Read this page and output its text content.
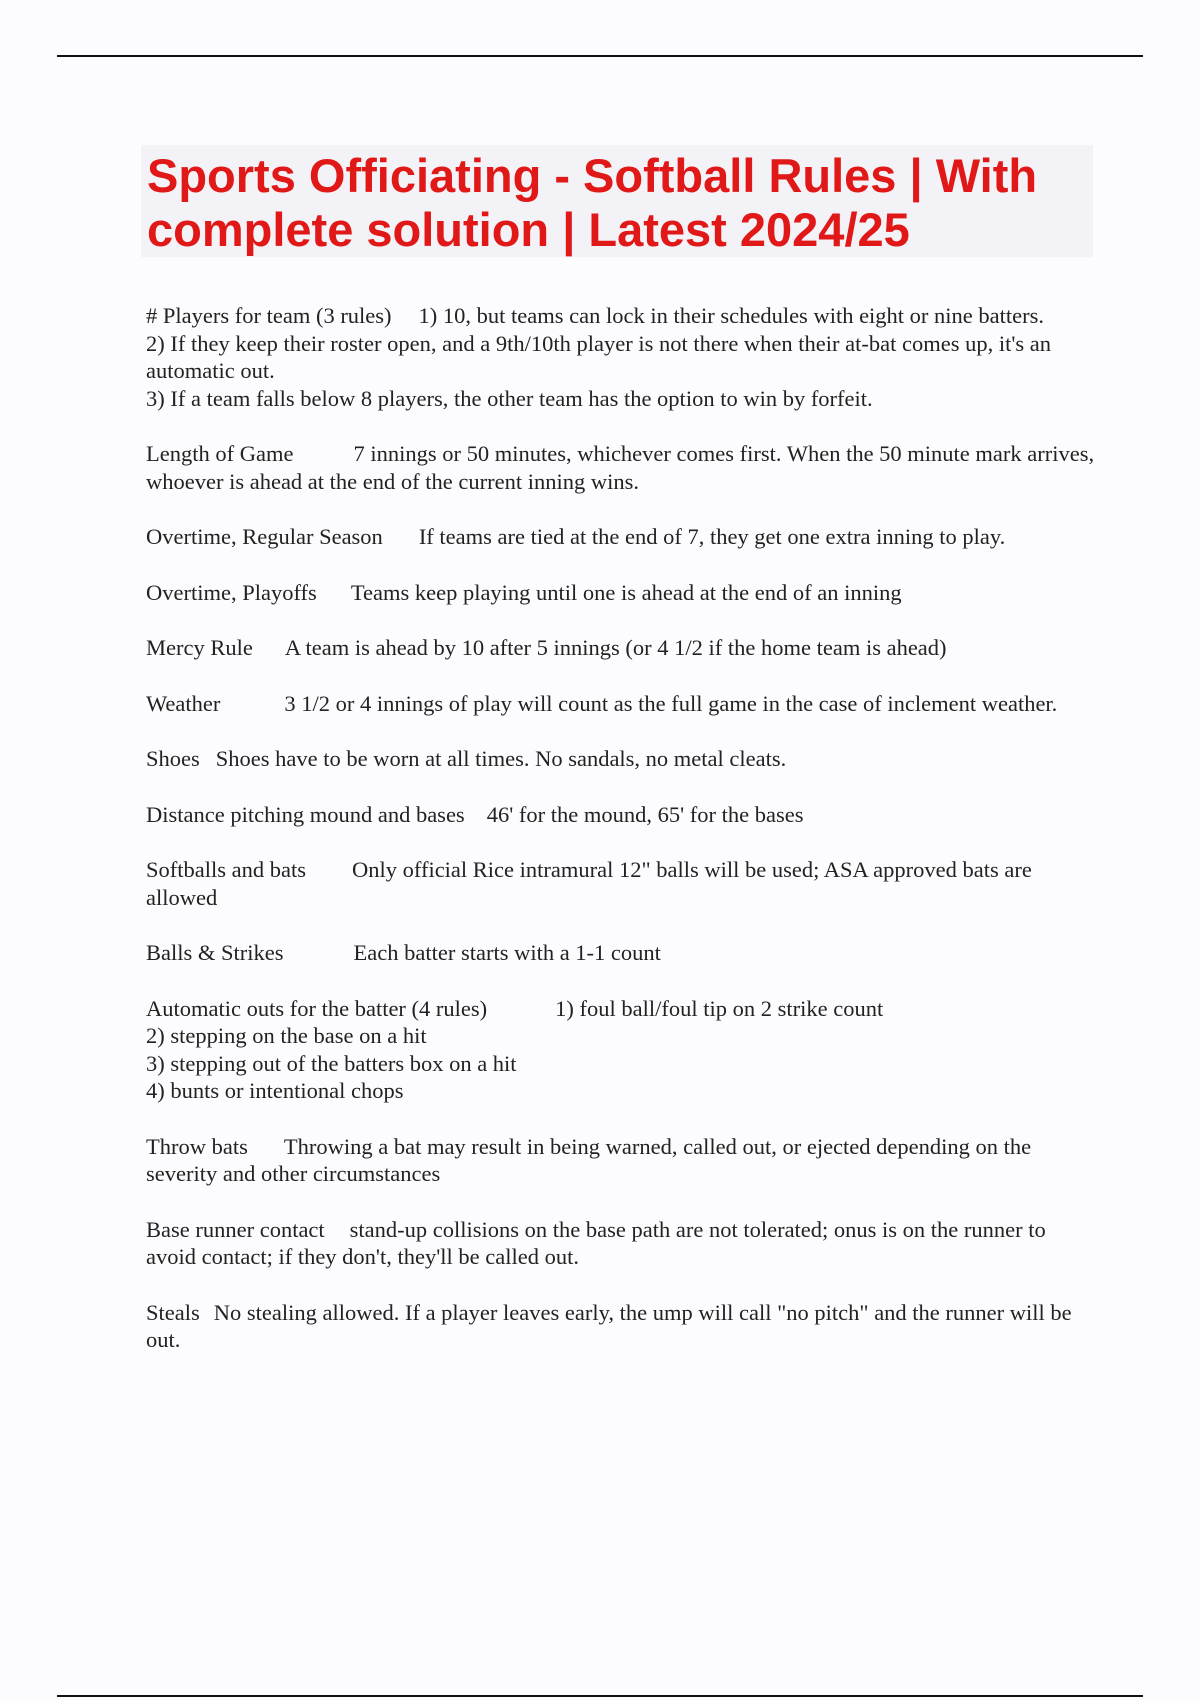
Sports Officiating - Softball Rules | With
complete solution | Latest 2024/25

# Players for team (3 rules) 1) 10, but teams can lock in their schedules with eight or nine batters.
2) If they keep their roster open, and a 9th/10th player is not there when their at-bat comes up, it's an automatic out.
3) If a team falls below 8 players, the other team has the option to win by forfeit.

Length of Game	7 innings or 50 minutes, whichever comes first. When the 50 minute mark arrives, whoever is ahead at the end of the current inning wins.

Overtime, Regular Season If teams are tied at the end of 7, they get one extra inning to play.

Overtime, Playoffs Teams keep playing until one is ahead at the end of an inning

Mercy Rule A team is ahead by 10 after 5 innings (or 4 1/2 if the home team is ahead)

Weather	3 1/2 or 4 innings of play will count as the full game in the case of inclement weather.

Shoes Shoes have to be worn at all times. No sandals, no metal cleats.

Distance pitching mound and bases 46' for the mound, 65' for the bases

Softballs and bats Only official Rice intramural 12" balls will be used; ASA approved bats are allowed

Balls & Strikes	Each batter starts with a 1-1 count

Automatic outs for the batter (4 rules)	1) foul ball/foul tip on 2 strike count
2) stepping on the base on a hit
3) stepping out of the batters box on a hit
4) bunts or intentional chops

Throw bats Throwing a bat may result in being warned, called out, or ejected depending on the severity and other circumstances

Base runner contact stand-up collisions on the base path are not tolerated; onus is on the runner to avoid contact; if they don't, they'll be called out.

Steals No stealing allowed. If a player leaves early, the ump will call "no pitch" and the runner will be out.
